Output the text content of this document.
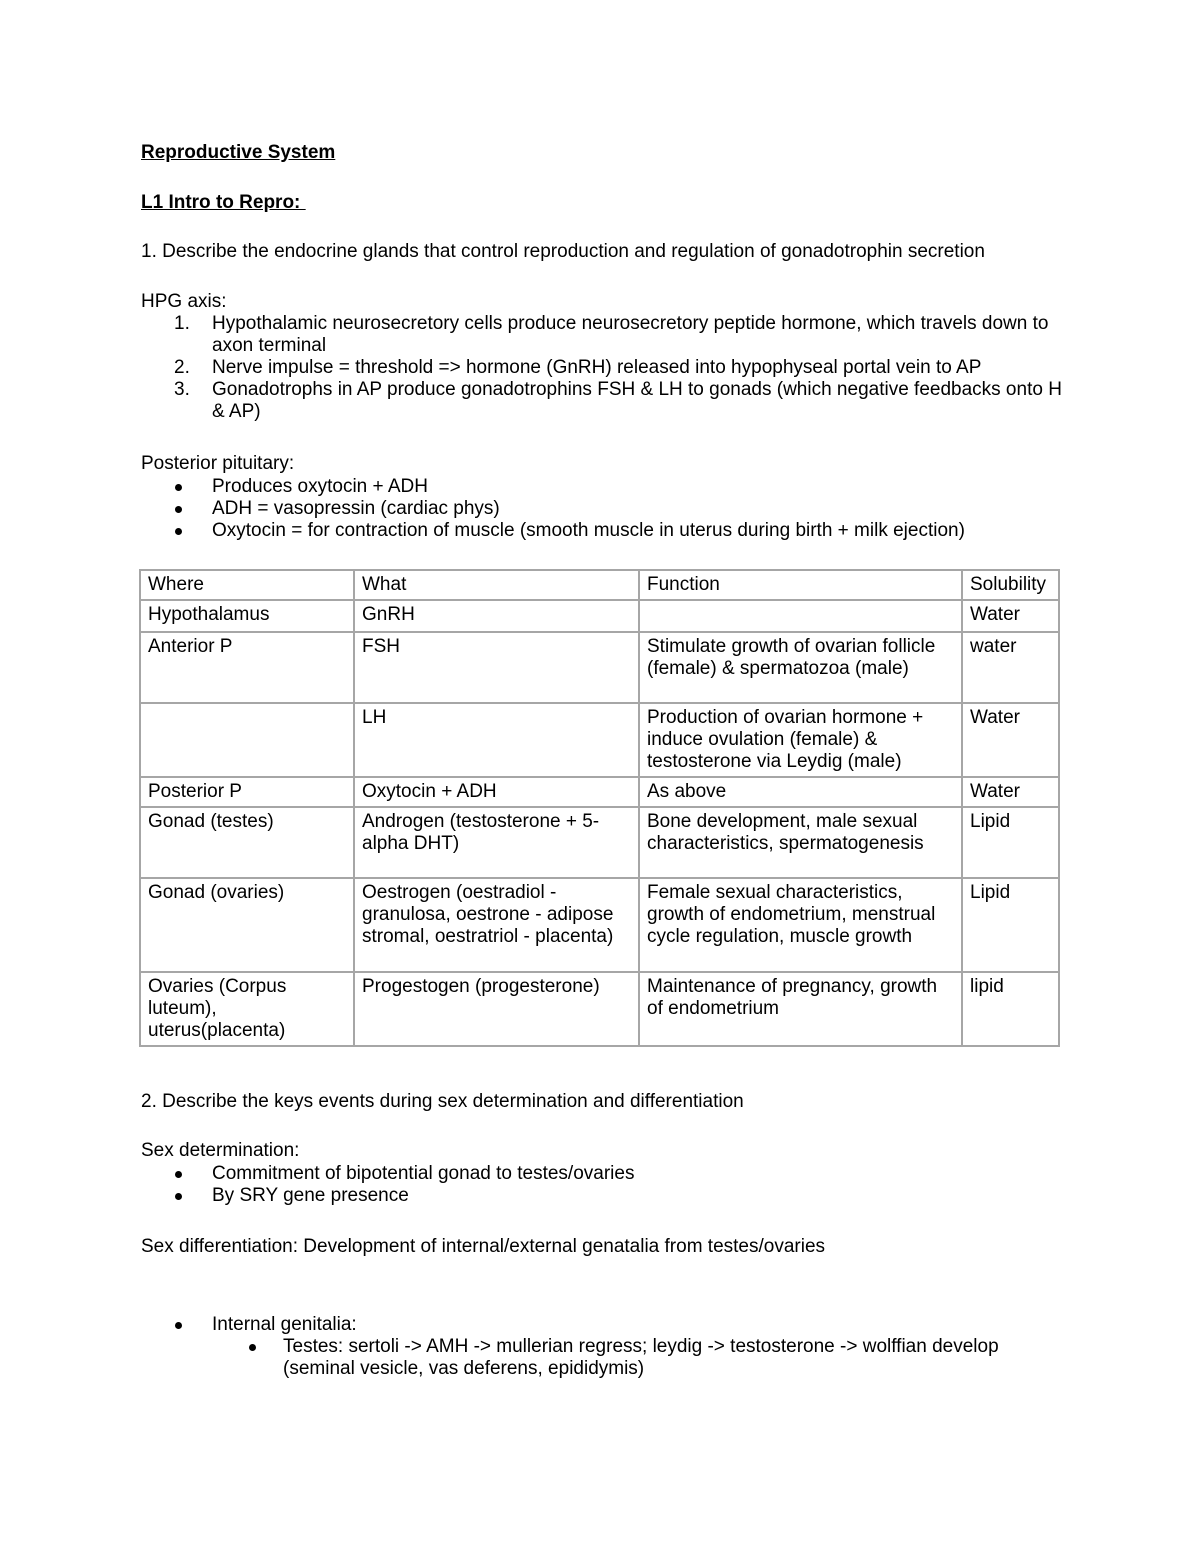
Reproductive System
L1 Intro to Repro:
1. Describe the endocrine glands that control reproduction and regulation of gonadotrophin secretion
HPG axis:
1.	Hypothalamic neurosecretory cells produce neurosecretory peptide hormone, which travels down to axon terminal
2.	Nerve impulse = threshold => hormone (GnRH) released into hypophyseal portal vein to AP
3.	Gonadotrophs in AP produce gonadotrophins FSH & LH to gonads (which negative feedbacks onto H & AP)
Posterior pituitary:
Produces oxytocin + ADH
ADH = vasopressin (cardiac phys)
Oxytocin = for contraction of muscle (smooth muscle in uterus during birth + milk ejection)
Where	What	Function	Solubility
Hypothalamus	GnRH		Water
Anterior P	FSH	Stimulate growth of ovarian follicle (female) & spermatozoa (male)	water
	LH	Production of ovarian hormone + induce ovulation (female) & testosterone via Leydig (male)	Water
Posterior P	Oxytocin + ADH	As above	Water
Gonad (testes)	Androgen (testosterone + 5-alpha DHT)	Bone development, male sexual characteristics, spermatogenesis	Lipid
Gonad (ovaries)	Oestrogen (oestradiol - granulosa, oestrone - adipose stromal, oestratriol - placenta)	Female sexual characteristics, growth of endometrium, menstrual cycle regulation, muscle growth	Lipid
Ovaries (Corpus luteum), uterus(placenta)	Progestogen (progesterone)	Maintenance of pregnancy, growth of endometrium	lipid
2. Describe the keys events during sex determination and differentiation
Sex determination:
Commitment of bipotential gonad to testes/ovaries
By SRY gene presence
Sex differentiation: Development of internal/external genatalia from testes/ovaries
Internal genitalia:
Testes: sertoli -> AMH -> mullerian regress; leydig -> testosterone -> wolffian develop (seminal vesicle, vas deferens, epididymis)
